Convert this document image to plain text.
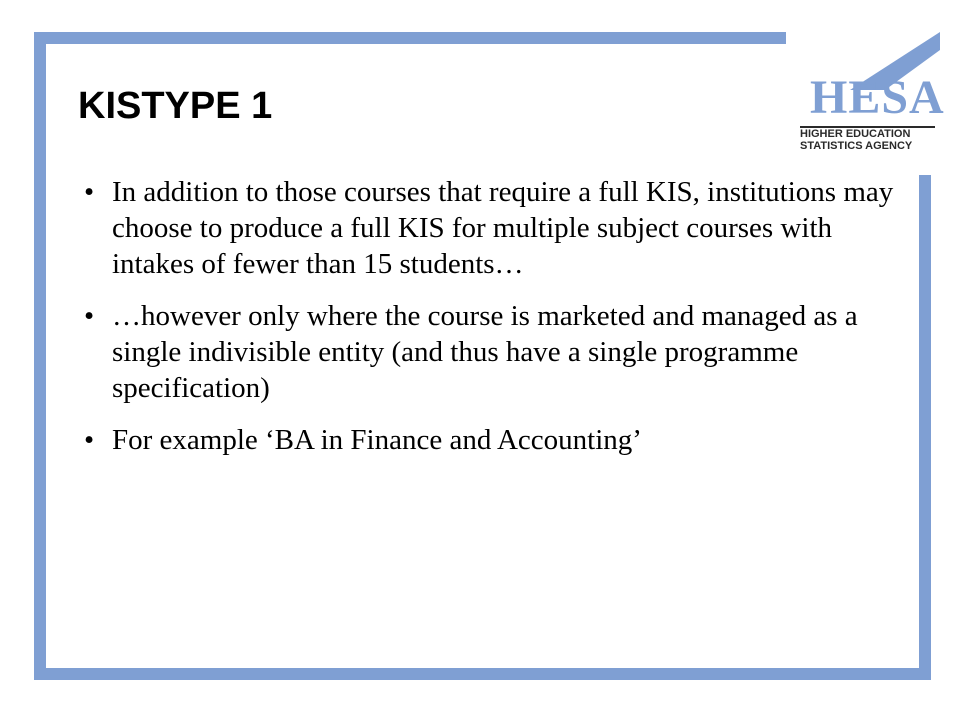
HESA
HIGHER EDUCATION
STATISTICS AGENCY
KISTYPE 1
• In addition to those courses that require a full KIS, institutions may choose to produce a full KIS for multiple subject courses with intakes of fewer than 15 students…
• …however only where the course is marketed and managed as a single indivisible entity (and thus have a single programme specification)
• For example ‘BA in Finance and Accounting’
